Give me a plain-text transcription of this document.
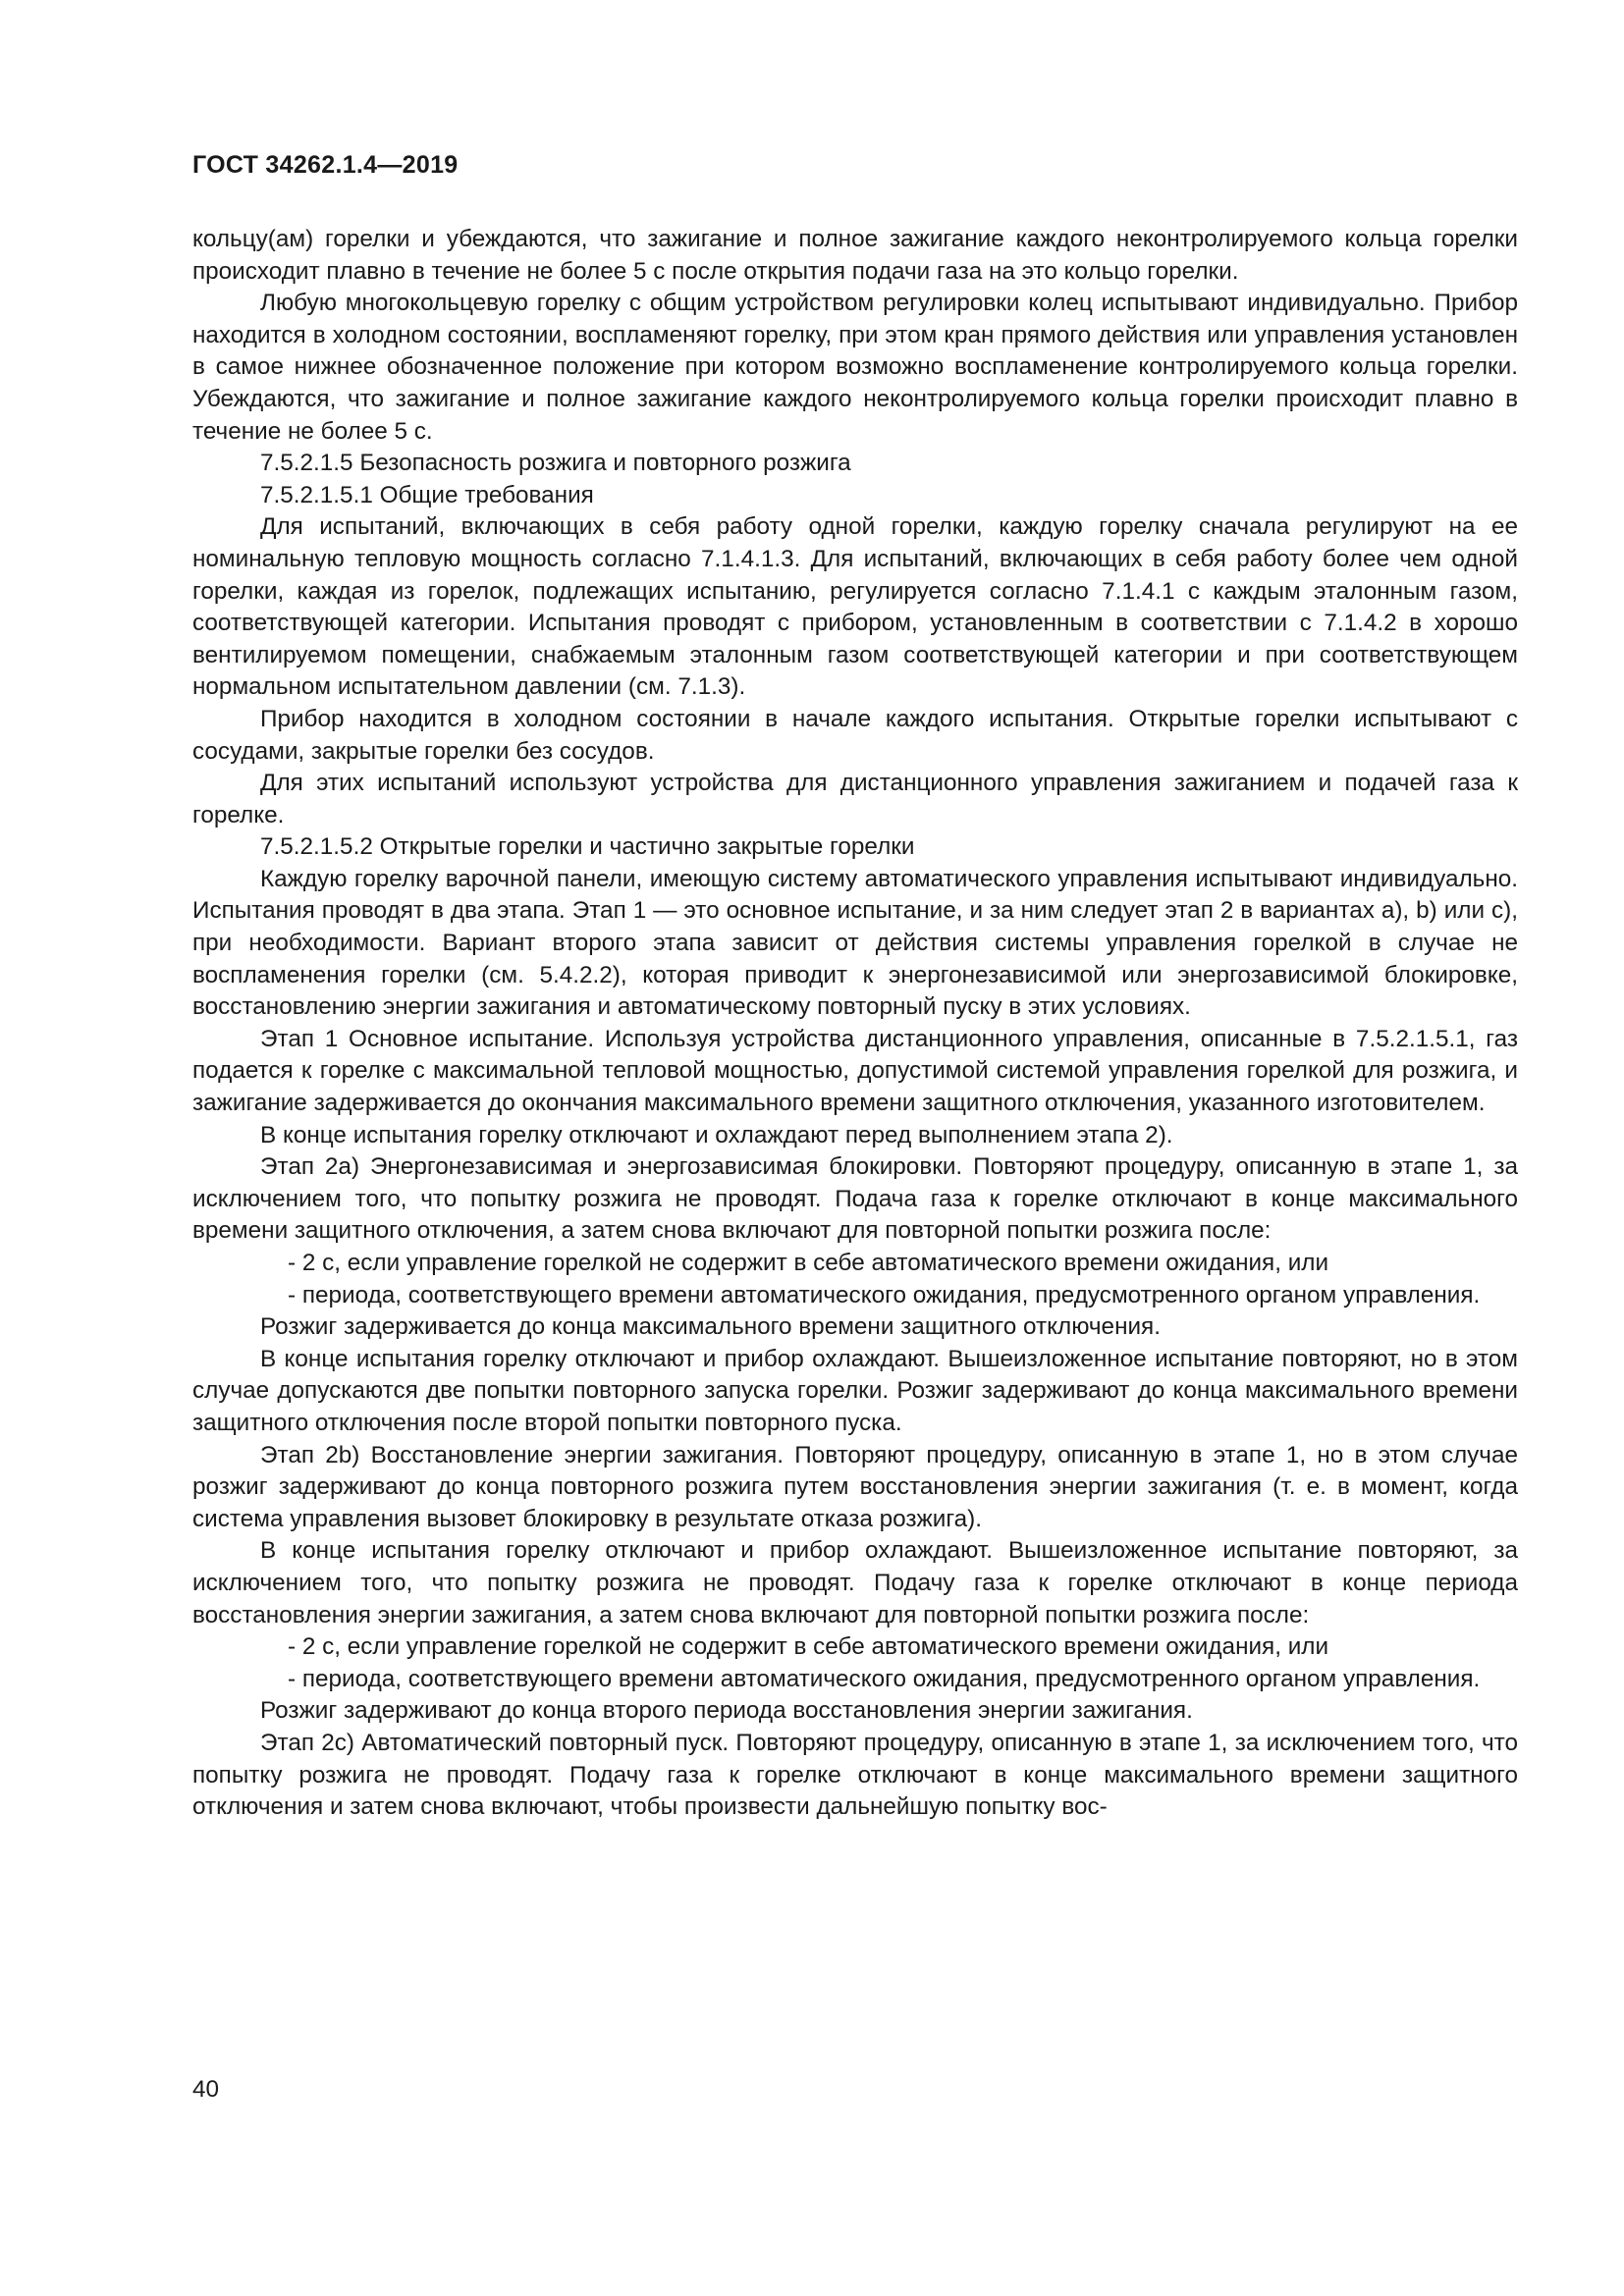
ГОСТ 34262.1.4—2019

кольцу(ам) горелки и убеждаются, что зажигание и полное зажигание каждого неконтролируемого кольца горелки происходит плавно в течение не более 5 с после открытия подачи газа на это кольцо горелки.

Любую многокольцевую горелку с общим устройством регулировки колец испытывают индивидуально. Прибор находится в холодном состоянии, воспламеняют горелку, при этом кран прямого действия или управления установлен в самое нижнее обозначенное положение при котором возможно воспламенение контролируемого кольца горелки. Убеждаются, что зажигание и полное зажигание каждого неконтролируемого кольца горелки происходит плавно в течение не более 5 с.

7.5.2.1.5 Безопасность розжига и повторного розжига

7.5.2.1.5.1 Общие требования

Для испытаний, включающих в себя работу одной горелки, каждую горелку сначала регулируют на ее номинальную тепловую мощность согласно 7.1.4.1.3. Для испытаний, включающих в себя работу более чем одной горелки, каждая из горелок, подлежащих испытанию, регулируется согласно 7.1.4.1 с каждым эталонным газом, соответствующей категории. Испытания проводят с прибором, установленным в соответствии с 7.1.4.2 в хорошо вентилируемом помещении, снабжаемым эталонным газом соответствующей категории и при соответствующем нормальном испытательном давлении (см. 7.1.3).

Прибор находится в холодном состоянии в начале каждого испытания. Открытые горелки испытывают с сосудами, закрытые горелки без сосудов.

Для этих испытаний используют устройства для дистанционного управления зажиганием и подачей газа к горелке.

7.5.2.1.5.2 Открытые горелки и частично закрытые горелки

Каждую горелку варочной панели, имеющую систему автоматического управления испытывают индивидуально. Испытания проводят в два этапа. Этап 1 — это основное испытание, и за ним следует этап 2 в вариантах а), b) или с), при необходимости. Вариант второго этапа зависит от действия системы управления горелкой в случае не воспламенения горелки (см. 5.4.2.2), которая приводит к энергонезависимой или энергозависимой блокировке, восстановлению энергии зажигания и автоматическому повторный пуску в этих условиях.

Этап 1 Основное испытание. Используя устройства дистанционного управления, описанные в 7.5.2.1.5.1, газ подается к горелке с максимальной тепловой мощностью, допустимой системой управления горелкой для розжига, и зажигание задерживается до окончания максимального времени защитного отключения, указанного изготовителем.

В конце испытания горелку отключают и охлаждают перед выполнением этапа 2).

Этап 2а) Энергонезависимая и энергозависимая блокировки. Повторяют процедуру, описанную в этапе 1, за исключением того, что попытку розжига не проводят. Подача газа к горелке отключают в конце максимального времени защитного отключения, а затем снова включают для повторной попытки розжига после:

- 2 с, если управление горелкой не содержит в себе автоматического времени ожидания, или

- периода, соответствующего времени автоматического ожидания, предусмотренного органом управления.

Розжиг задерживается до конца максимального времени защитного отключения.

В конце испытания горелку отключают и прибор охлаждают. Вышеизложенное испытание повторяют, но в этом случае допускаются две попытки повторного запуска горелки. Розжиг задерживают до конца максимального времени защитного отключения после второй попытки повторного пуска.

Этап 2b) Восстановление энергии зажигания. Повторяют процедуру, описанную в этапе 1, но в этом случае розжиг задерживают до конца повторного розжига путем восстановления энергии зажигания (т. е. в момент, когда система управления вызовет блокировку в результате отказа розжига).

В конце испытания горелку отключают и прибор охлаждают. Вышеизложенное испытание повторяют, за исключением того, что попытку розжига не проводят. Подачу газа к горелке отключают в конце периода восстановления энергии зажигания, а затем снова включают для повторной попытки розжига после:

- 2 с, если управление горелкой не содержит в себе автоматического времени ожидания, или

- периода, соответствующего времени автоматического ожидания, предусмотренного органом управления.

Розжиг задерживают до конца второго периода восстановления энергии зажигания.

Этап 2с) Автоматический повторный пуск. Повторяют процедуру, описанную в этапе 1, за исключением того, что попытку розжига не проводят. Подачу газа к горелке отключают в конце максимального времени защитного отключения и затем снова включают, чтобы произвести дальнейшую попытку вос-

40
